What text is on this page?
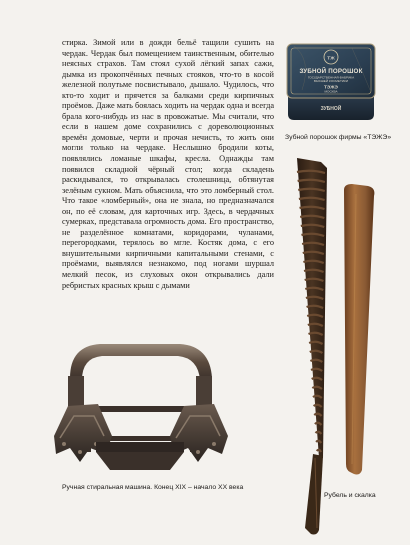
стирка. Зимой или в дожди бельё тащили сушить на чердак. Чердак был помещением таинственным, обителью неясных страхов. Там стоял сухой лёгкий запах сажи, дымка из прокопчённых печных стояков, что-то в косой железной полутьме посвистывало, дышало. Чудилось, что кто-то ходит и прячется за балками среди кирпичных проёмов. Даже мать боялась ходить на чердак одна и всегда брала кого-нибудь из нас в провожатые. Мы считали, что если в нашем доме сохранились с дореволюционных времён домовые, черти и прочая нечисть, то жить они могли только на чердаке. Неслышно бродили коты, появлялись ломаные шкафы, кресла. Однажды там появился складной чёрный стол; когда складень раскидывался, то открывалась столешница, обтянутая зелёным сукном. Мать объяснила, что это ломберный стол. Что такое «ломберный», она не знала, но предназначался он, по её словам, для карточных игр. Здесь, в чердачных сумерках, представала огромность дома. Его пространство, не разделённое комнатами, коридорами, чуланами, перегородками, терялось во мгле. Костяк дома, с его внушительными кирпичными капитальными стенами, с проёмами, выявлялся незнакомо, под ногами шуршал мелкий песок, из слуховых окон открывались дали ребристых красных крыш с дымами

ТЖ
ЗУБНОЙ ПОРОШОК
ГОСУДАРСТВЕННАЯ ФАБРИКА
ВЫСШЕЙ КОСМЕТИКИ
ТЭЖЭ
МОСКВА
ЗУБНОЙ
Зубной порошок фирмы «ТЭЖЭ»
Ручная стиральная машина. Конец XIX – начало XX века
Рубель и скалка
